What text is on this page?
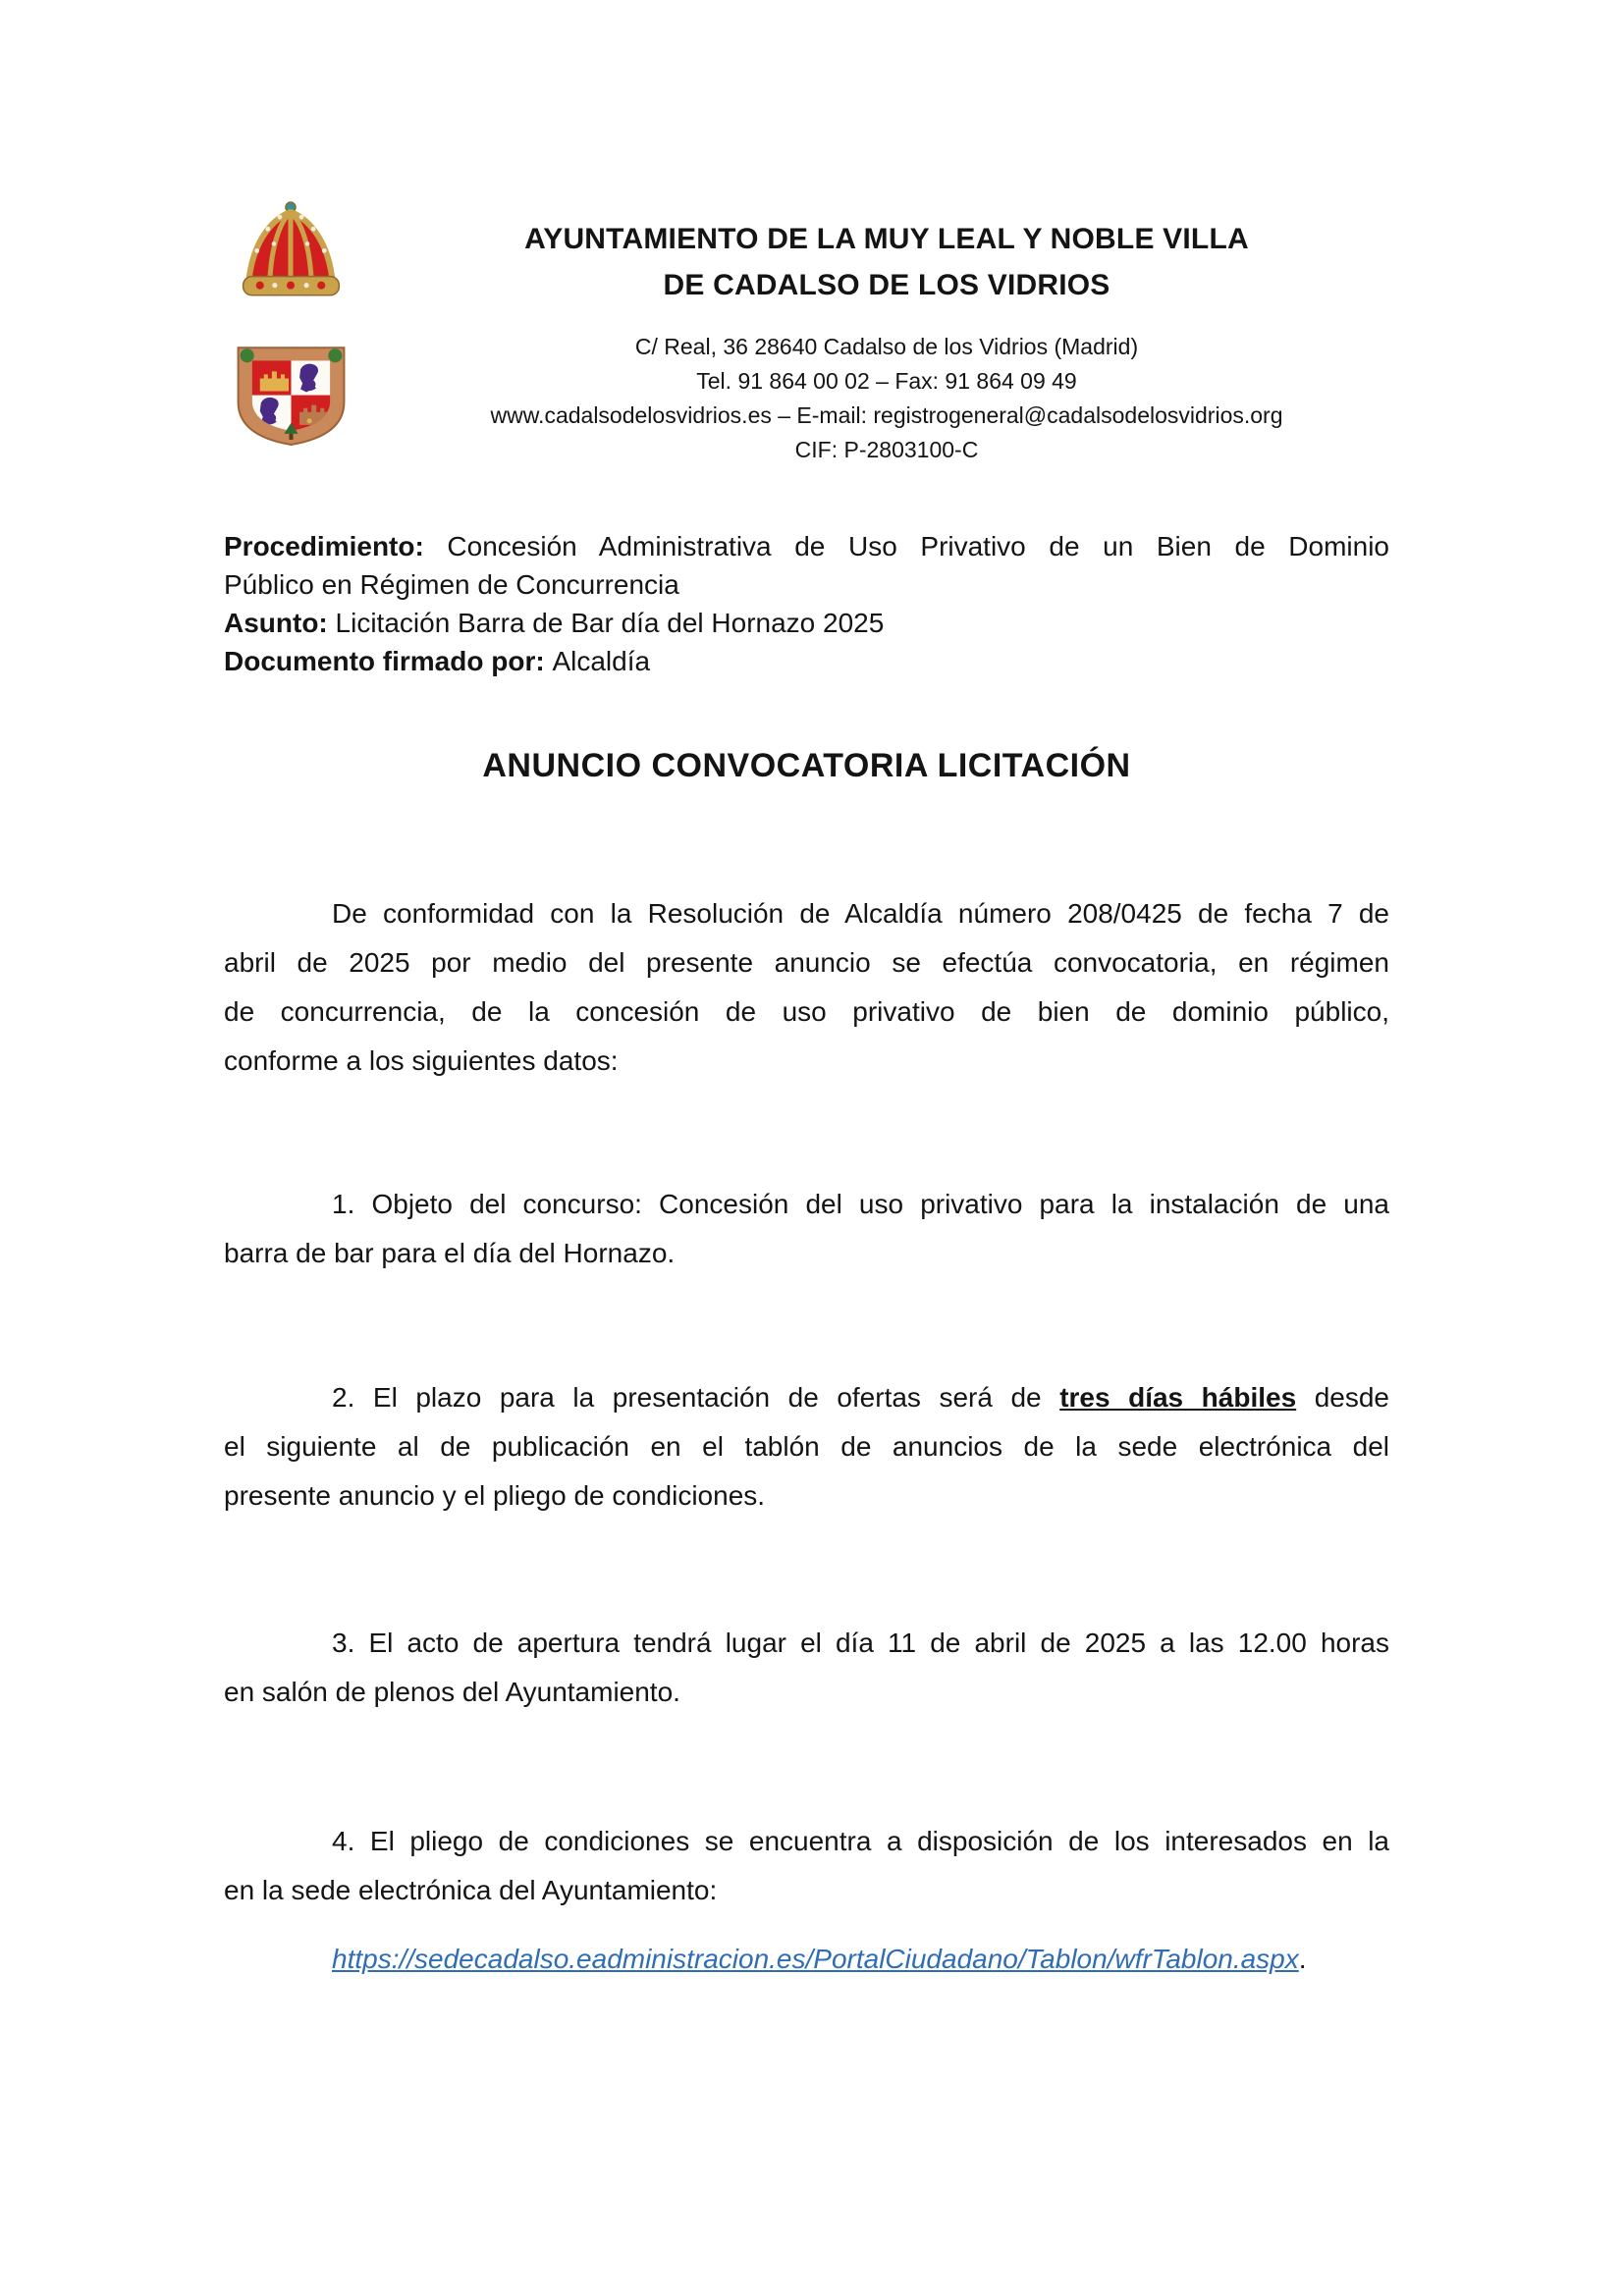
AYUNTAMIENTO DE LA MUY LEAL Y NOBLE VILLA
DE CADALSO DE LOS VIDRIOS
C/ Real, 36 28640 Cadalso de los Vidrios (Madrid)
Tel. 91 864 00 02 – Fax: 91 864 09 49
www.cadalsodelosvidrios.es – E-mail: registrogeneral@cadalsodelosvidrios.org
CIF: P-2803100-C
Procedimiento: Concesión Administrativa de Uso Privativo de un Bien de Dominio
Público en Régimen de Concurrencia
Asunto: Licitación Barra de Bar día del Hornazo 2025
Documento firmado por: Alcaldía
ANUNCIO CONVOCATORIA LICITACIÓN
De conformidad con la Resolución de Alcaldía número 208/0425 de fecha 7 de
abril de 2025 por medio del presente anuncio se efectúa convocatoria, en régimen
de concurrencia, de la concesión de uso privativo de bien de dominio público,
conforme a los siguientes datos:
1. Objeto del concurso: Concesión del uso privativo para la instalación de una
barra de bar para el día del Hornazo.
2. El plazo para la presentación de ofertas será de tres días hábiles desde
el siguiente al de publicación en el tablón de anuncios de la sede electrónica del
presente anuncio y el pliego de condiciones.
3. El acto de apertura tendrá lugar el día 11 de abril de 2025 a las 12.00 horas
en salón de plenos del Ayuntamiento.
4. El pliego de condiciones se encuentra a disposición de los interesados en la
en la sede electrónica del Ayuntamiento:
https://sedecadalso.eadministracion.es/PortalCiudadano/Tablon/wfrTablon.aspx.
